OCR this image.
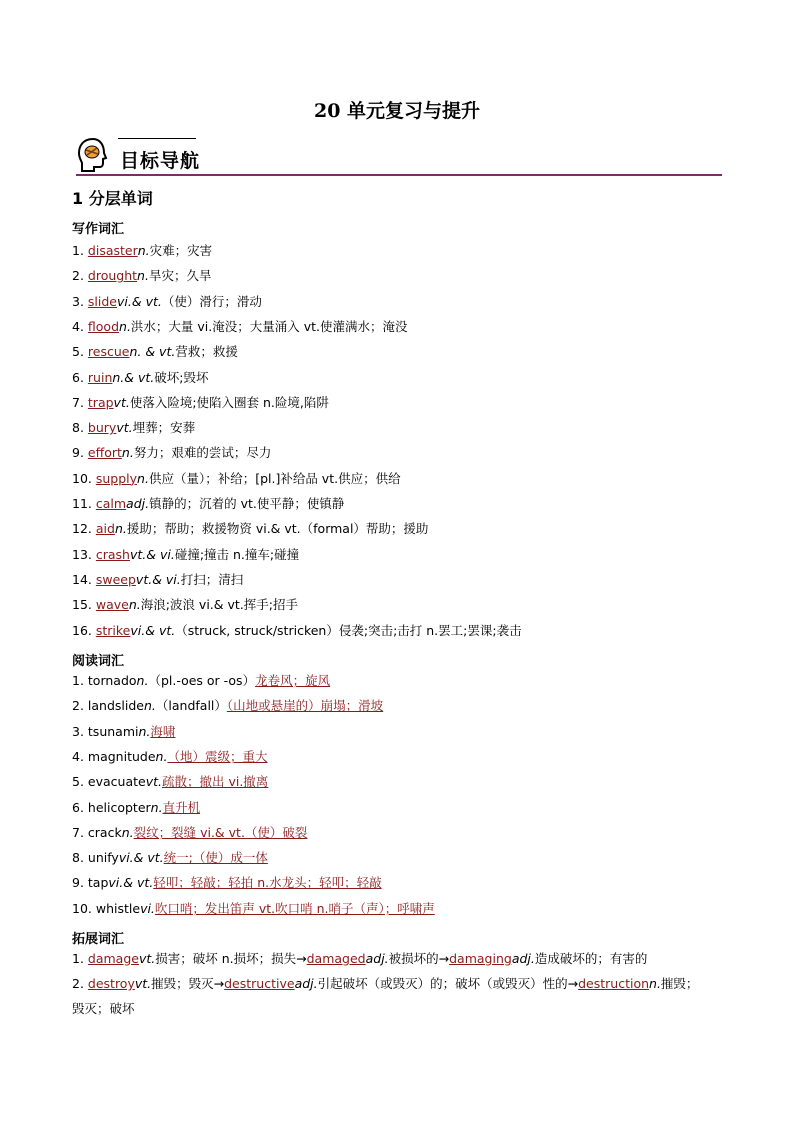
20 单元复习与提升
目标导航
1 分层单词
写作词汇
1. disastern.灾难；灾害
2. droughtn.旱灾；久旱
3. slidevi.& vt.（使）滑行；滑动
4. floodn.洪水；大量 vi.淹没；大量涌入 vt.使灌满水；淹没
5. rescuen. & vt.营救；救援
6. ruinn.& vt.破坏;毁坏
7. trapvt.使落入险境;使陷入圈套 n.险境,陷阱
8. buryvt.埋葬；安葬
9. effortn.努力；艰难的尝试；尽力
10. supplyn.供应（量）；补给；[pl.]补给品 vt.供应；供给
11. calmadj.镇静的；沉着的 vt.使平静；使镇静
12. aidn.援助；帮助；救援物资 vi.& vt.（formal）帮助；援助
13. crashvt.& vi.碰撞;撞击 n.撞车;碰撞
14. sweepvt.& vi.打扫；清扫
15. waven.海浪;波浪 vi.& vt.挥手;招手
16. strikevi.& vt.（struck, struck/stricken）侵袭;突击;击打 n.罢工;罢课;袭击
阅读词汇
1. tornadon.（pl.-oes or -os）龙卷风；旋风
2. landsliden.（landfall）（山地或悬崖的）崩塌；滑坡
3. tsunamin.海啸
4. magnituden.（地）震级；重大
5. evacuatevt.疏散；撤出 vi.撤离
6. helicoptern.直升机
7. crackn.裂纹；裂缝 vi.& vt.（使）破裂
8. unifyvi.& vt.统一;（使）成一体
9. tapvi.& vt.轻叩；轻敲；轻拍 n.水龙头；轻叩；轻敲
10. whistlevi.吹口哨；发出笛声 vt.吹口哨 n.哨子（声）；呼啸声
拓展词汇
1. damagevt.损害；破坏 n.损坏；损失→damagedadj.被损坏的→damagingadj.造成破坏的；有害的
2. destroyvt.摧毁；毁灭→destructiveadj.引起破坏（或毁灭）的；破坏（或毁灭）性的→destructionn.摧毁；
毁灭；破坏
